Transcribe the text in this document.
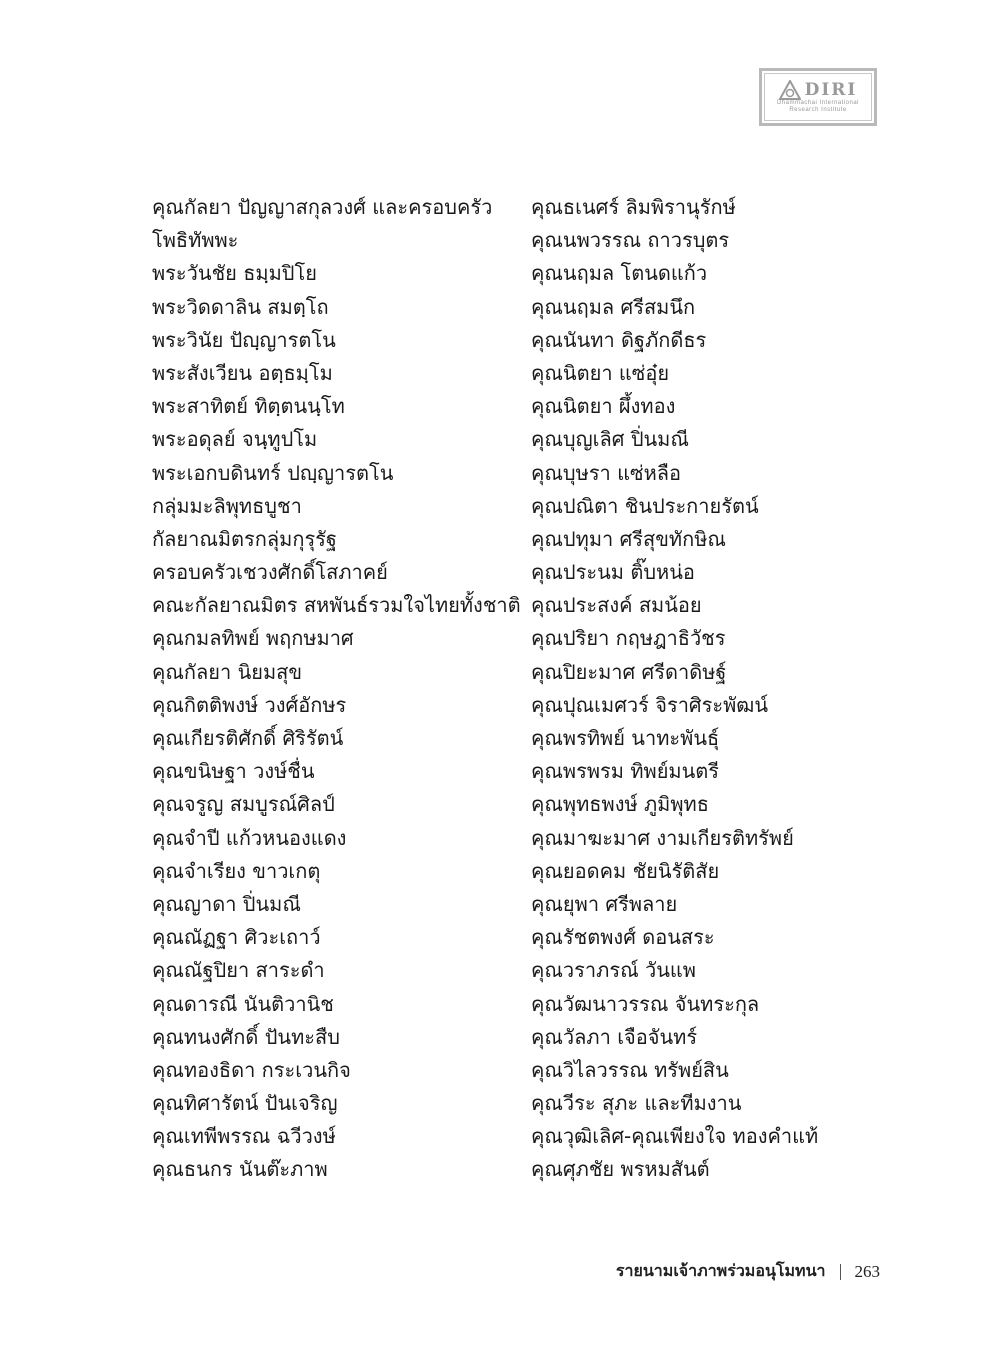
DIRI
Dhammachai International
Research Institute
คุณกัลยา ปัญญาสกุลวงศ์ และครอบครัว
โพธิทัพพะ
พระวันชัย ธมฺมปิโย
พระวิดดาลิน สมตฺโถ
พระวินัย ปัญฺญารตโน
พระสังเวียน อตฺธมฺโม
พระสาทิตย์ ทิตฺตนนฺโท
พระอดุลย์ จนฺทูปโม
พระเอกบดินทร์ ปญฺญารตโน
กลุ่มมะลิพุทธบูชา
กัลยาณมิตรกลุ่มกุรุรัฐ
ครอบครัวเชวงศักดิ์โสภาคย์
คณะกัลยาณมิตร สหพันธ์รวมใจไทยทั้งชาติ
คุณกมลทิพย์ พฤกษมาศ
คุณกัลยา นิยมสุข
คุณกิตติพงษ์ วงศ์อักษร
คุณเกียรติศักดิ์ ศิริรัตน์
คุณขนิษฐา วงษ์ชื่น
คุณจรูญ สมบูรณ์ศิลป์
คุณจำปี แก้วหนองแดง
คุณจำเรียง ขาวเกตุ
คุณญาดา ปิ่นมณี
คุณณัฏฐา ศิวะเถาว์
คุณณัฐปิยา สาระดำ
คุณดารณี นันติวานิช
คุณทนงศักดิ์ ปันทะสืบ
คุณทองธิดา กระเวนกิจ
คุณทิศารัตน์ ปันเจริญ
คุณเทพีพรรณ ฉวีวงษ์
คุณธนกร นันต๊ะภาพ
คุณธเนศร์ ลิมพิรานุรักษ์
คุณนพวรรณ ถาวรบุตร
คุณนฤมล โตนดแก้ว
คุณนฤมล ศรีสมนึก
คุณนันทา ดิฐภักดีธร
คุณนิตยา แซ่อุ๋ย
คุณนิตยา ผึ้งทอง
คุณบุญเลิศ ปิ่นมณี
คุณบุษรา แซ่หลือ
คุณปณิตา ชินประกายรัตน์
คุณปทุมา ศรีสุขทักษิณ
คุณประนม ติ๊บหน่อ
คุณประสงค์ สมน้อย
คุณปริยา กฤษฎาธิวัชร
คุณปิยะมาศ ศรีดาดิษฐ์
คุณปุณเมศวร์ จิราศิระพัฒน์
คุณพรทิพย์ นาทะพันธุ์
คุณพรพรม ทิพย์มนตรี
คุณพุทธพงษ์ ภูมิพุทธ
คุณมาฆะมาศ งามเกียรติทรัพย์
คุณยอดคม ชัยนิรัติสัย
คุณยุพา ศรีพลาย
คุณรัชตพงศ์ ดอนสระ
คุณวราภรณ์ วันแพ
คุณวัฒนาวรรณ จันทระกุล
คุณวัลภา เจือจันทร์
คุณวิไลวรรณ ทรัพย์สิน
คุณวีระ สุภะ และทีมงาน
คุณวุฒิเลิศ-คุณเพียงใจ ทองคำแท้
คุณศุภชัย พรหมสันต์
รายนามเจ้าภาพร่วมอนุโมทนา 263
